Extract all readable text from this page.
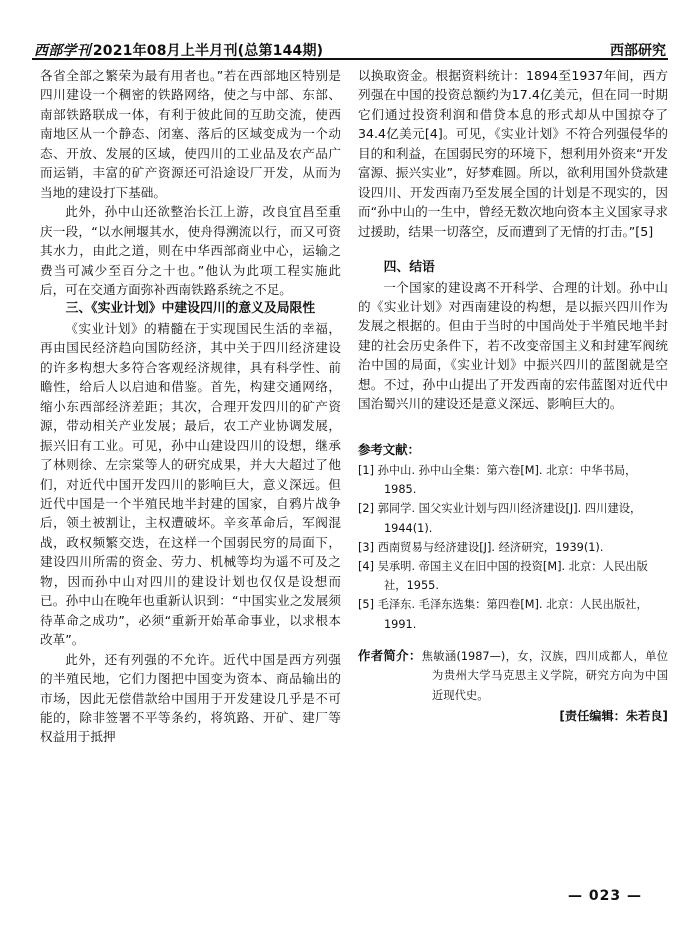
西部学刊 2021年08月上半月刊(总第144期)	西部研究

各省全部之繁荣为最有用者也。”若在西部地区特别是四川建设一个稠密的铁路网络，使之与中部、东部、南部铁路联成一体，有利于彼此间的互助交流，使西南地区从一个静态、闭塞、落后的区域变成为一个动态、开放、发展的区域，使四川的工业品及农产品广而运销，丰富的矿产资源还可沿途设厂开发，从而为当地的建设打下基础。

此外，孙中山还欲整治长江上游，改良宜昌至重庆一段，“以水闸堰其水，使舟得溯流以行，而又可资其水力，由此之道，则在中华西部商业中心，运输之费当可减少至百分之十也。”他认为此项工程实施此后，可在交通方面弥补西南铁路系统之不足。

三、《实业计划》中建设四川的意义及局限性

《实业计划》的精髓在于实现国民生活的幸福，再由国民经济趋向国防经济，其中关于四川经济建设的许多构想大多符合客观经济规律，具有科学性、前瞻性，给后人以启迪和借鉴。首先，构建交通网络，缩小东西部经济差距；其次，合理开发四川的矿产资源，带动相关产业发展；最后，农工产业协调发展，振兴旧有工业。可见，孙中山建设四川的设想，继承了林则徐、左宗棠等人的研究成果，并大大超过了他们，对近代中国开发四川的影响巨大，意义深远。但近代中国是一个半殖民地半封建的国家，自鸦片战争后，领土被割让，主权遭破坏。辛亥革命后，军阀混战，政权频繁交迭，在这样一个国弱民穷的局面下，建设四川所需的资金、劳力、机械等均为遥不可及之物，因而孙中山对四川的建设计划也仅仅是设想而已。孙中山在晚年也重新认识到：“中国实业之发展须待革命之成功”，必须“重新开始革命事业，以求根本改革”。

此外，还有列强的不允许。近代中国是西方列强的半殖民地，它们力图把中国变为资本、商品输出的市场，因此无偿借款给中国用于开发建设几乎是不可能的，除非签署不平等条约，将筑路、开矿、建厂等权益用于抵押

以换取资金。根据资料统计：1894至1937年间，西方列强在中国的投资总额约为17.4亿美元，但在同一时期它们通过投资利润和借贷本息的形式却从中国掠夺了34.4亿美元[4]。可见，《实业计划》不符合列强侵华的目的和利益，在国弱民穷的环境下，想利用外资来“开发富源、振兴实业”，好梦难圆。所以，欲利用国外贷款建设四川、开发西南乃至发展全国的计划是不现实的，因而“孙中山的一生中，曾经无数次地向资本主义国家寻求过援助，结果一切落空，反而遭到了无情的打击。”[5]

四、结语

一个国家的建设离不开科学、合理的计划。孙中山的《实业计划》对西南建设的构想，是以振兴四川作为发展之根据的。但由于当时的中国尚处于半殖民地半封建的社会历史条件下，若不改变帝国主义和封建军阀统治中国的局面，《实业计划》中振兴四川的蓝图就是空想。不过，孙中山提出了开发西南的宏伟蓝图对近代中国治蜀兴川的建设还是意义深远、影响巨大的。

参考文献：
[1] 孙中山. 孙中山全集：第六卷[M]. 北京：中华书局，1985.
[2] 郭同学. 国父实业计划与四川经济建设[J]. 四川建设，1944(1).
[3] 西南贸易与经济建设[J]. 经济研究，1939(1).
[4] 吴承明. 帝国主义在旧中国的投资[M]. 北京：人民出版社，1955.
[5] 毛泽东. 毛泽东选集：第四卷[M]. 北京：人民出版社，1991.
作者简介：焦敏涵(1987—)，女，汉族，四川成都人，单位为贵州大学马克思主义学院，研究方向为中国近现代史。
[责任编辑：朱若良]
— 023 —
